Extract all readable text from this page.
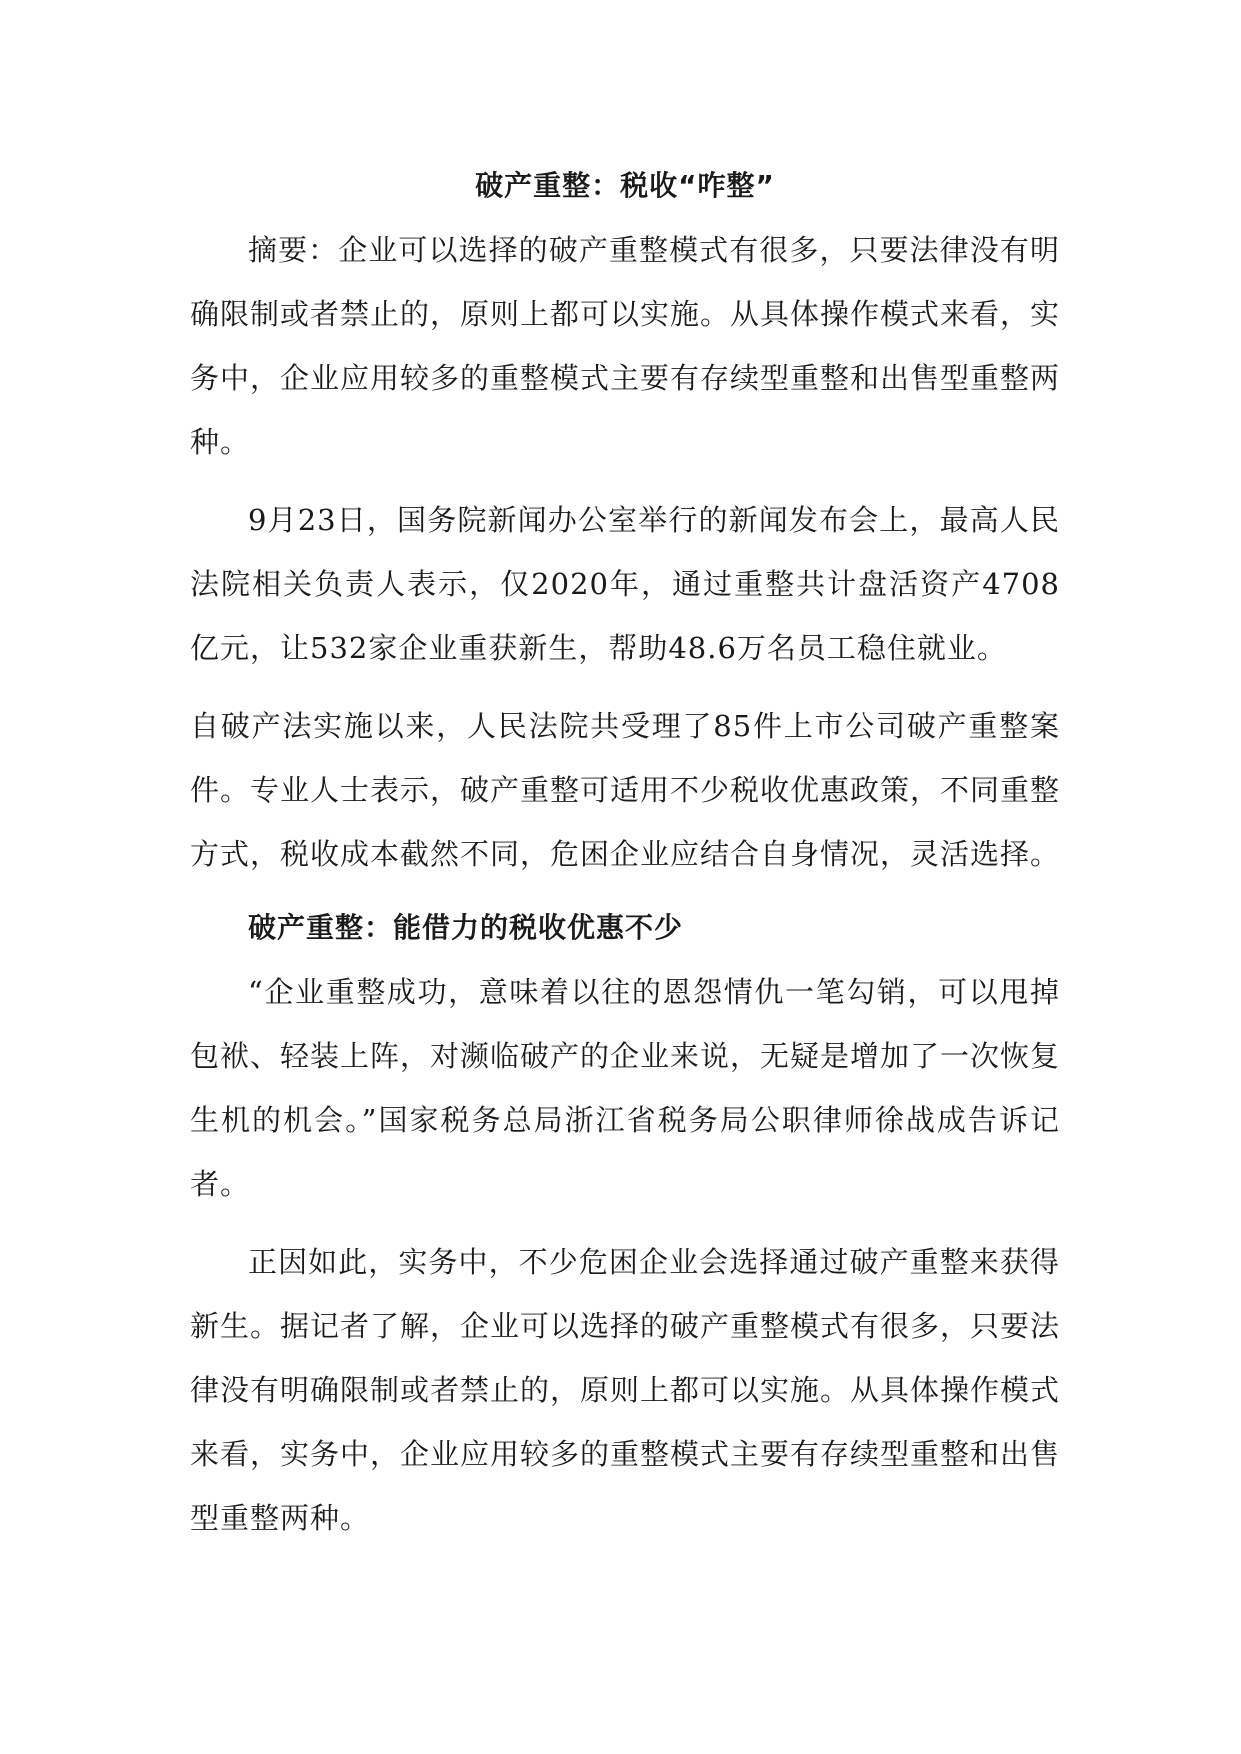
破产重整：税收“咋整”

摘要：企业可以选择的破产重整模式有很多，只要法律没有明确限制或者禁止的，原则上都可以实施。从具体操作模式来看，实务中，企业应用较多的重整模式主要有存续型重整和出售型重整两种。

9月23日，国务院新闻办公室举行的新闻发布会上，最高人民法院相关负责人表示，仅2020年，通过重整共计盘活资产4708亿元，让532家企业重获新生，帮助48.6万名员工稳住就业。

自破产法实施以来，人民法院共受理了85件上市公司破产重整案件。专业人士表示，破产重整可适用不少税收优惠政策，不同重整方式，税收成本截然不同，危困企业应结合自身情况，灵活选择。

破产重整：能借力的税收优惠不少

“企业重整成功，意味着以往的恩怨情仇一笔勾销，可以甩掉包袱、轻装上阵，对濒临破产的企业来说，无疑是增加了一次恢复生机的机会。”国家税务总局浙江省税务局公职律师徐战成告诉记者。

正因如此，实务中，不少危困企业会选择通过破产重整来获得新生。据记者了解，企业可以选择的破产重整模式有很多，只要法律没有明确限制或者禁止的，原则上都可以实施。从具体操作模式来看，实务中，企业应用较多的重整模式主要有存续型重整和出售型重整两种。
